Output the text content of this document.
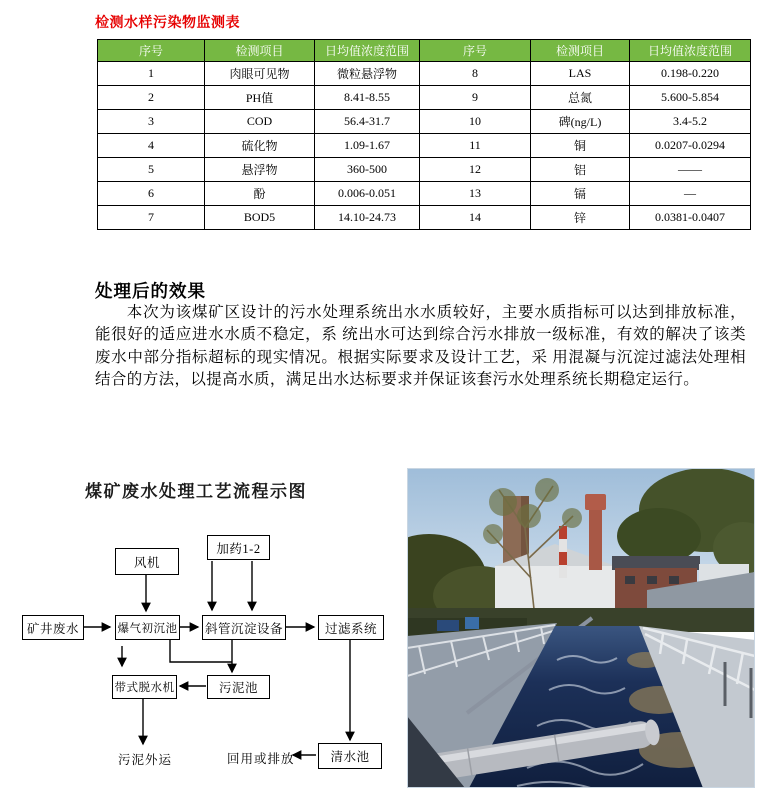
检测水样污染物监测表
序号	检测项目	日均值浓度范围	序号	检测项目	日均值浓度范围
1	肉眼可见物	微粒悬浮物	8	LAS	0.198-0.220
2	PH值	8.41-8.55	9	总氮	5.600-5.854
3	COD	56.4-31.7	10	碑(ng/L)	3.4-5.2
4	硫化物	1.09-1.67	11	铜	0.0207-0.0294
5	悬浮物	360-500	12	铝	——
6	酚	0.006-0.051	13	镉	—
7	BOD5	14.10-24.73	14	锌	0.0381-0.0407
处理后的效果
本次为该煤矿区设计的污水处理系统出水水质较好，主要水质指标可以达到排放标准，能很好的适应进水水质不稳定，系 统出水可达到综合污水排放一级标准，有效的解决了该类废水中部分指标超标的现实情况。根据实际要求及设计工艺，采 用混凝与沉淀过滤法处理相结合的方法，以提高水质，满足出水达标要求并保证该套污水处理系统长期稳定运行。
煤矿废水处理工艺流程示图
风机
加药1-2
矿井废水	爆气初沉池 斜管沉淀设备	过滤系统
带式脱水机	污泥池
清水池
污泥外运	回用或排放
